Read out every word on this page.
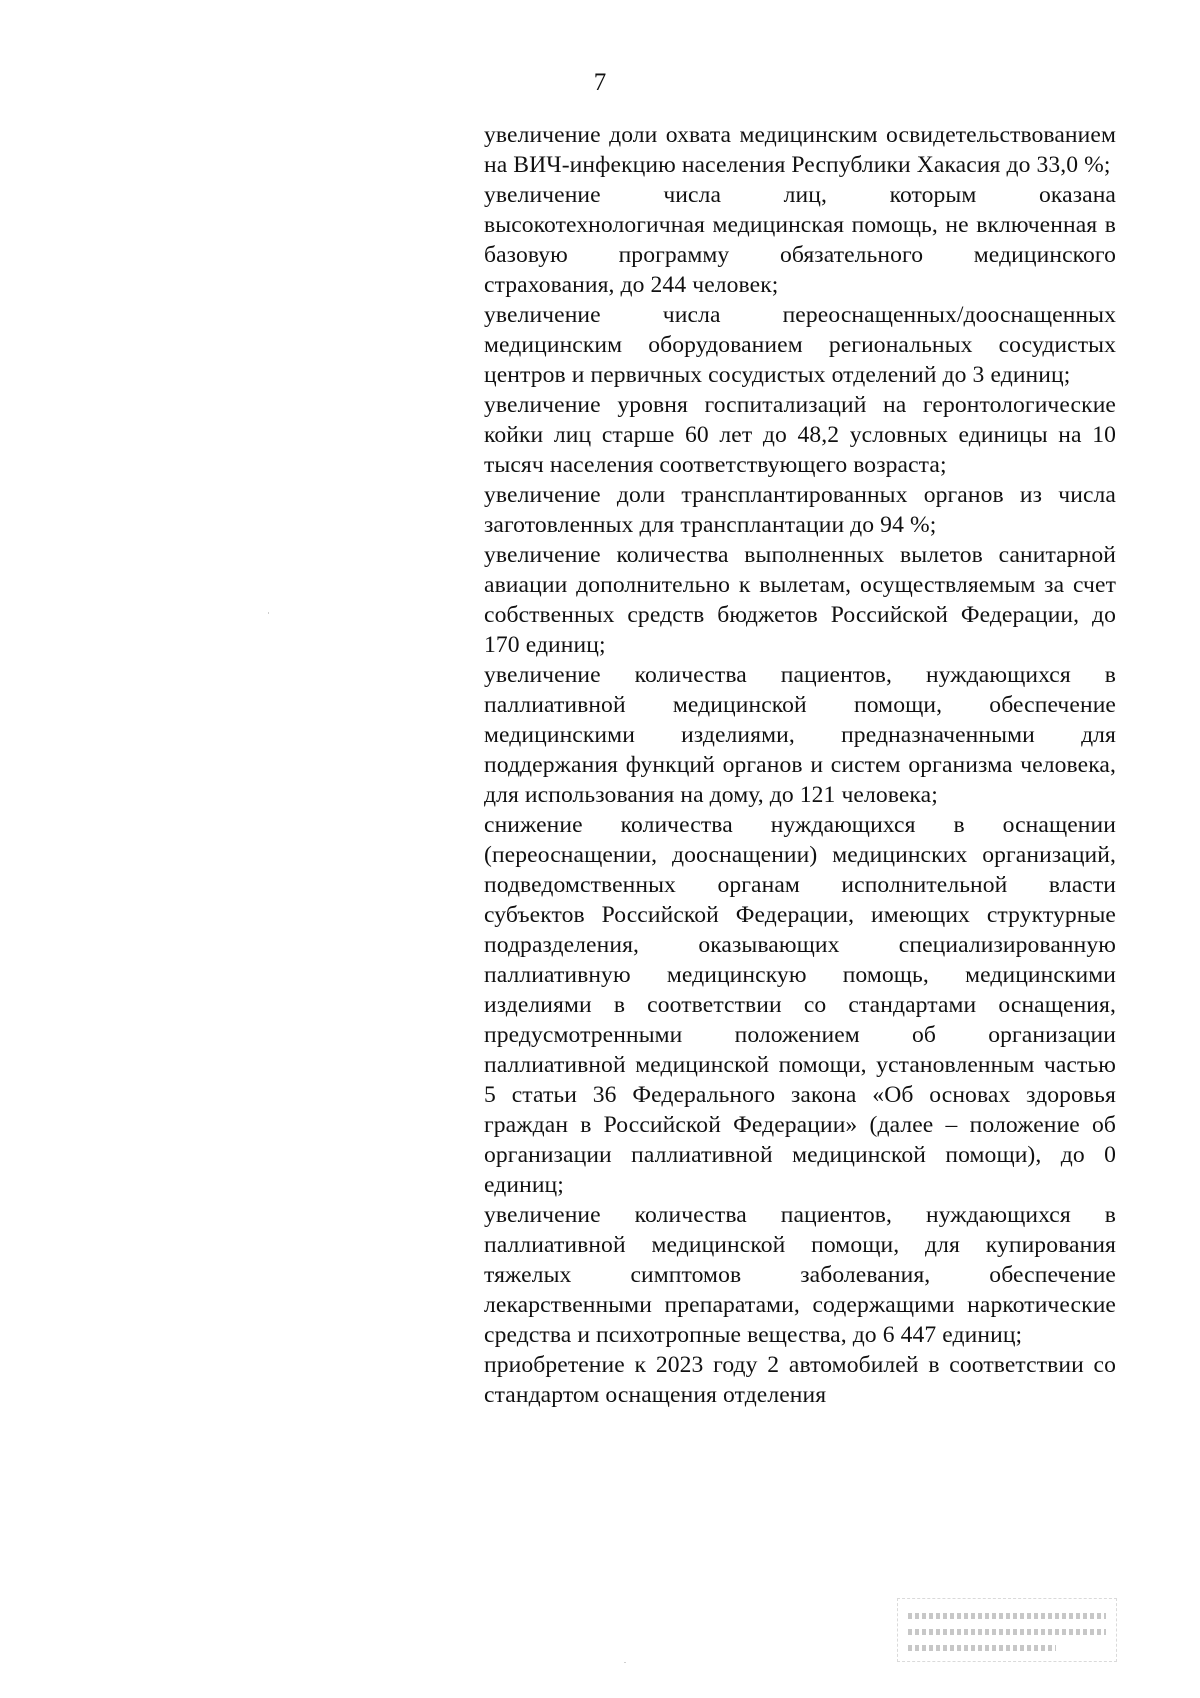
7

увеличение доли охвата медицинским освидетельствованием на ВИЧ-инфекцию населения Республики Хакасия до 33,0 %;

увеличение числа лиц, которым оказана высокотехнологичная медицинская помощь, не включенная в базовую программу обязательного медицинского страхования, до 244 человек;

увеличение числа переоснащенных/дооснащенных медицинским оборудованием региональных сосудистых центров и первичных сосудистых отделений до 3 единиц;

увеличение уровня госпитализаций на геронтологические койки лиц старше 60 лет до 48,2 условных единицы на 10 тысяч населения соответствующего возраста;

увеличение доли трансплантированных органов из числа заготовленных для трансплантации до 94 %;

увеличение количества выполненных вылетов санитарной авиации дополнительно к вылетам, осуществляемым за счет собственных средств бюджетов Российской Федерации, до 170 единиц;

увеличение количества пациентов, нуждающихся в паллиативной медицинской помощи, обеспечение медицинскими изделиями, предназначенными для поддержания функций органов и систем организма человека, для использования на дому, до 121 человека;

снижение количества нуждающихся в оснащении (переоснащении, дооснащении) медицинских организаций, подведомственных органам исполнительной власти субъектов Российской Федерации, имеющих структурные подразделения, оказывающих специализированную паллиативную медицинскую помощь, медицинскими изделиями в соответствии со стандартами оснащения, предусмотренными положением об организации паллиативной медицинской помощи, установленным частью 5 статьи 36 Федерального закона «Об основах здоровья граждан в Российской Федерации» (далее – положение об организации паллиативной медицинской помощи), до 0 единиц;

увеличение количества пациентов, нуждающихся в паллиативной медицинской помощи, для купирования тяжелых симптомов заболевания, обеспечение лекарственными препаратами, содержащими наркотические средства и психотропные вещества, до 6 447 единиц;

приобретение к 2023 году 2 автомобилей в соответствии со стандартом оснащения отделения
